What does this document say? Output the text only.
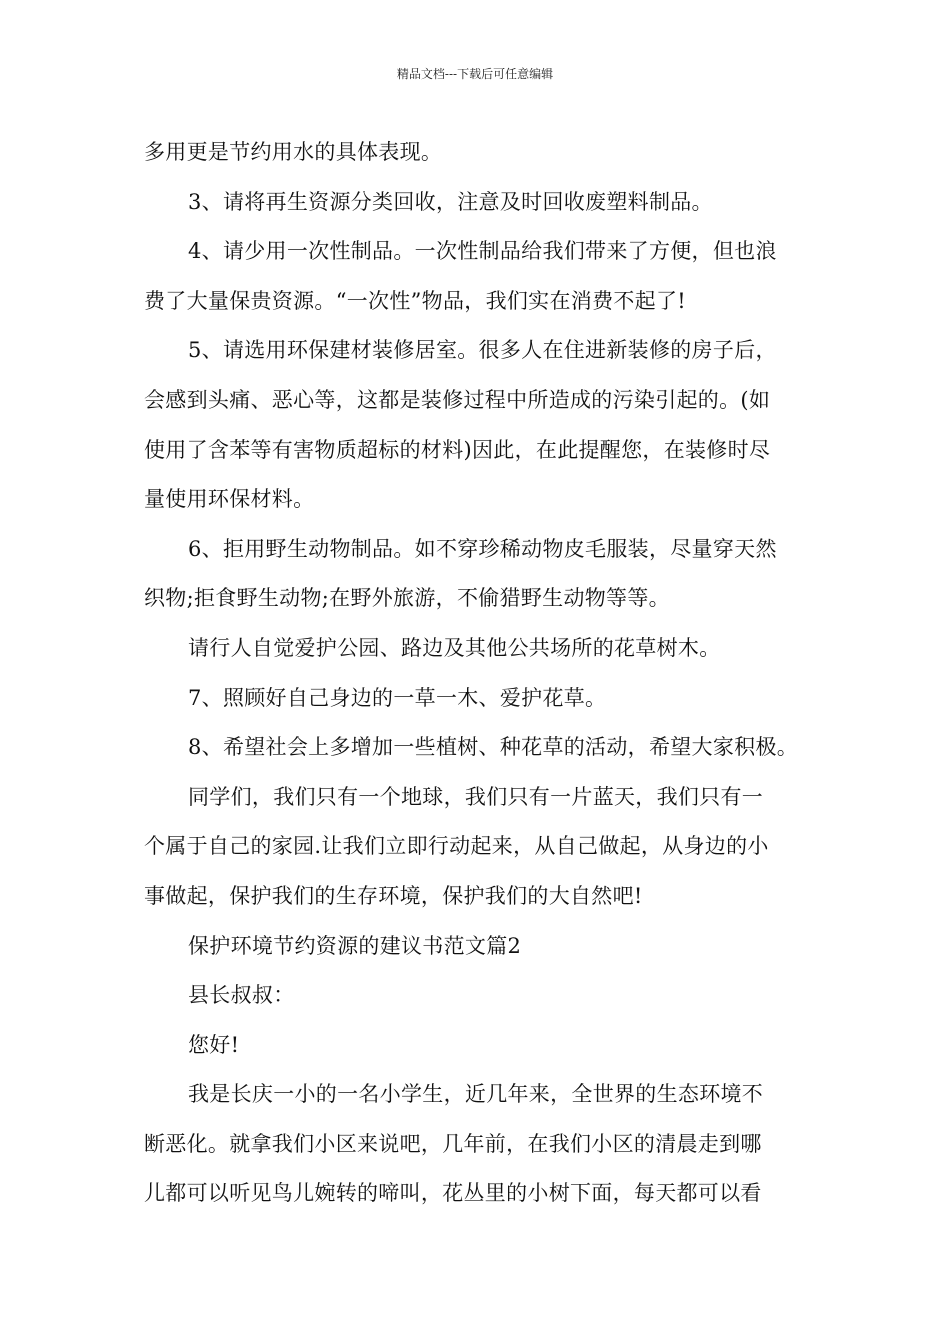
精品文档---下载后可任意编辑
多用更是节约用水的具体表现。
3、请将再生资源分类回收，注意及时回收废塑料制品。
4、请少用一次性制品。一次性制品给我们带来了方便，但也浪
费了大量保贵资源。“一次性”物品，我们实在消费不起了!
5、请选用环保建材装修居室。很多人在住进新装修的房子后，
会感到头痛、恶心等，这都是装修过程中所造成的污染引起的。(如
使用了含苯等有害物质超标的材料)因此，在此提醒您，在装修时尽
量使用环保材料。
6、拒用野生动物制品。如不穿珍稀动物皮毛服装，尽量穿天然
织物;拒食野生动物;在野外旅游，不偷猎野生动物等等。
请行人自觉爱护公园、路边及其他公共场所的花草树木。
7、照顾好自己身边的一草一木、爱护花草。
8、希望社会上多增加一些植树、种花草的活动，希望大家积极。
同学们，我们只有一个地球，我们只有一片蓝天，我们只有一
个属于自己的家园.让我们立即行动起来，从自己做起，从身边的小
事做起，保护我们的生存环境，保护我们的大自然吧!
保护环境节约资源的建议书范文篇2
县长叔叔：
您好!
我是长庆一小的一名小学生，近几年来，全世界的生态环境不
断恶化。就拿我们小区来说吧，几年前，在我们小区的清晨走到哪
儿都可以听见鸟儿婉转的啼叫，花丛里的小树下面，每天都可以看
